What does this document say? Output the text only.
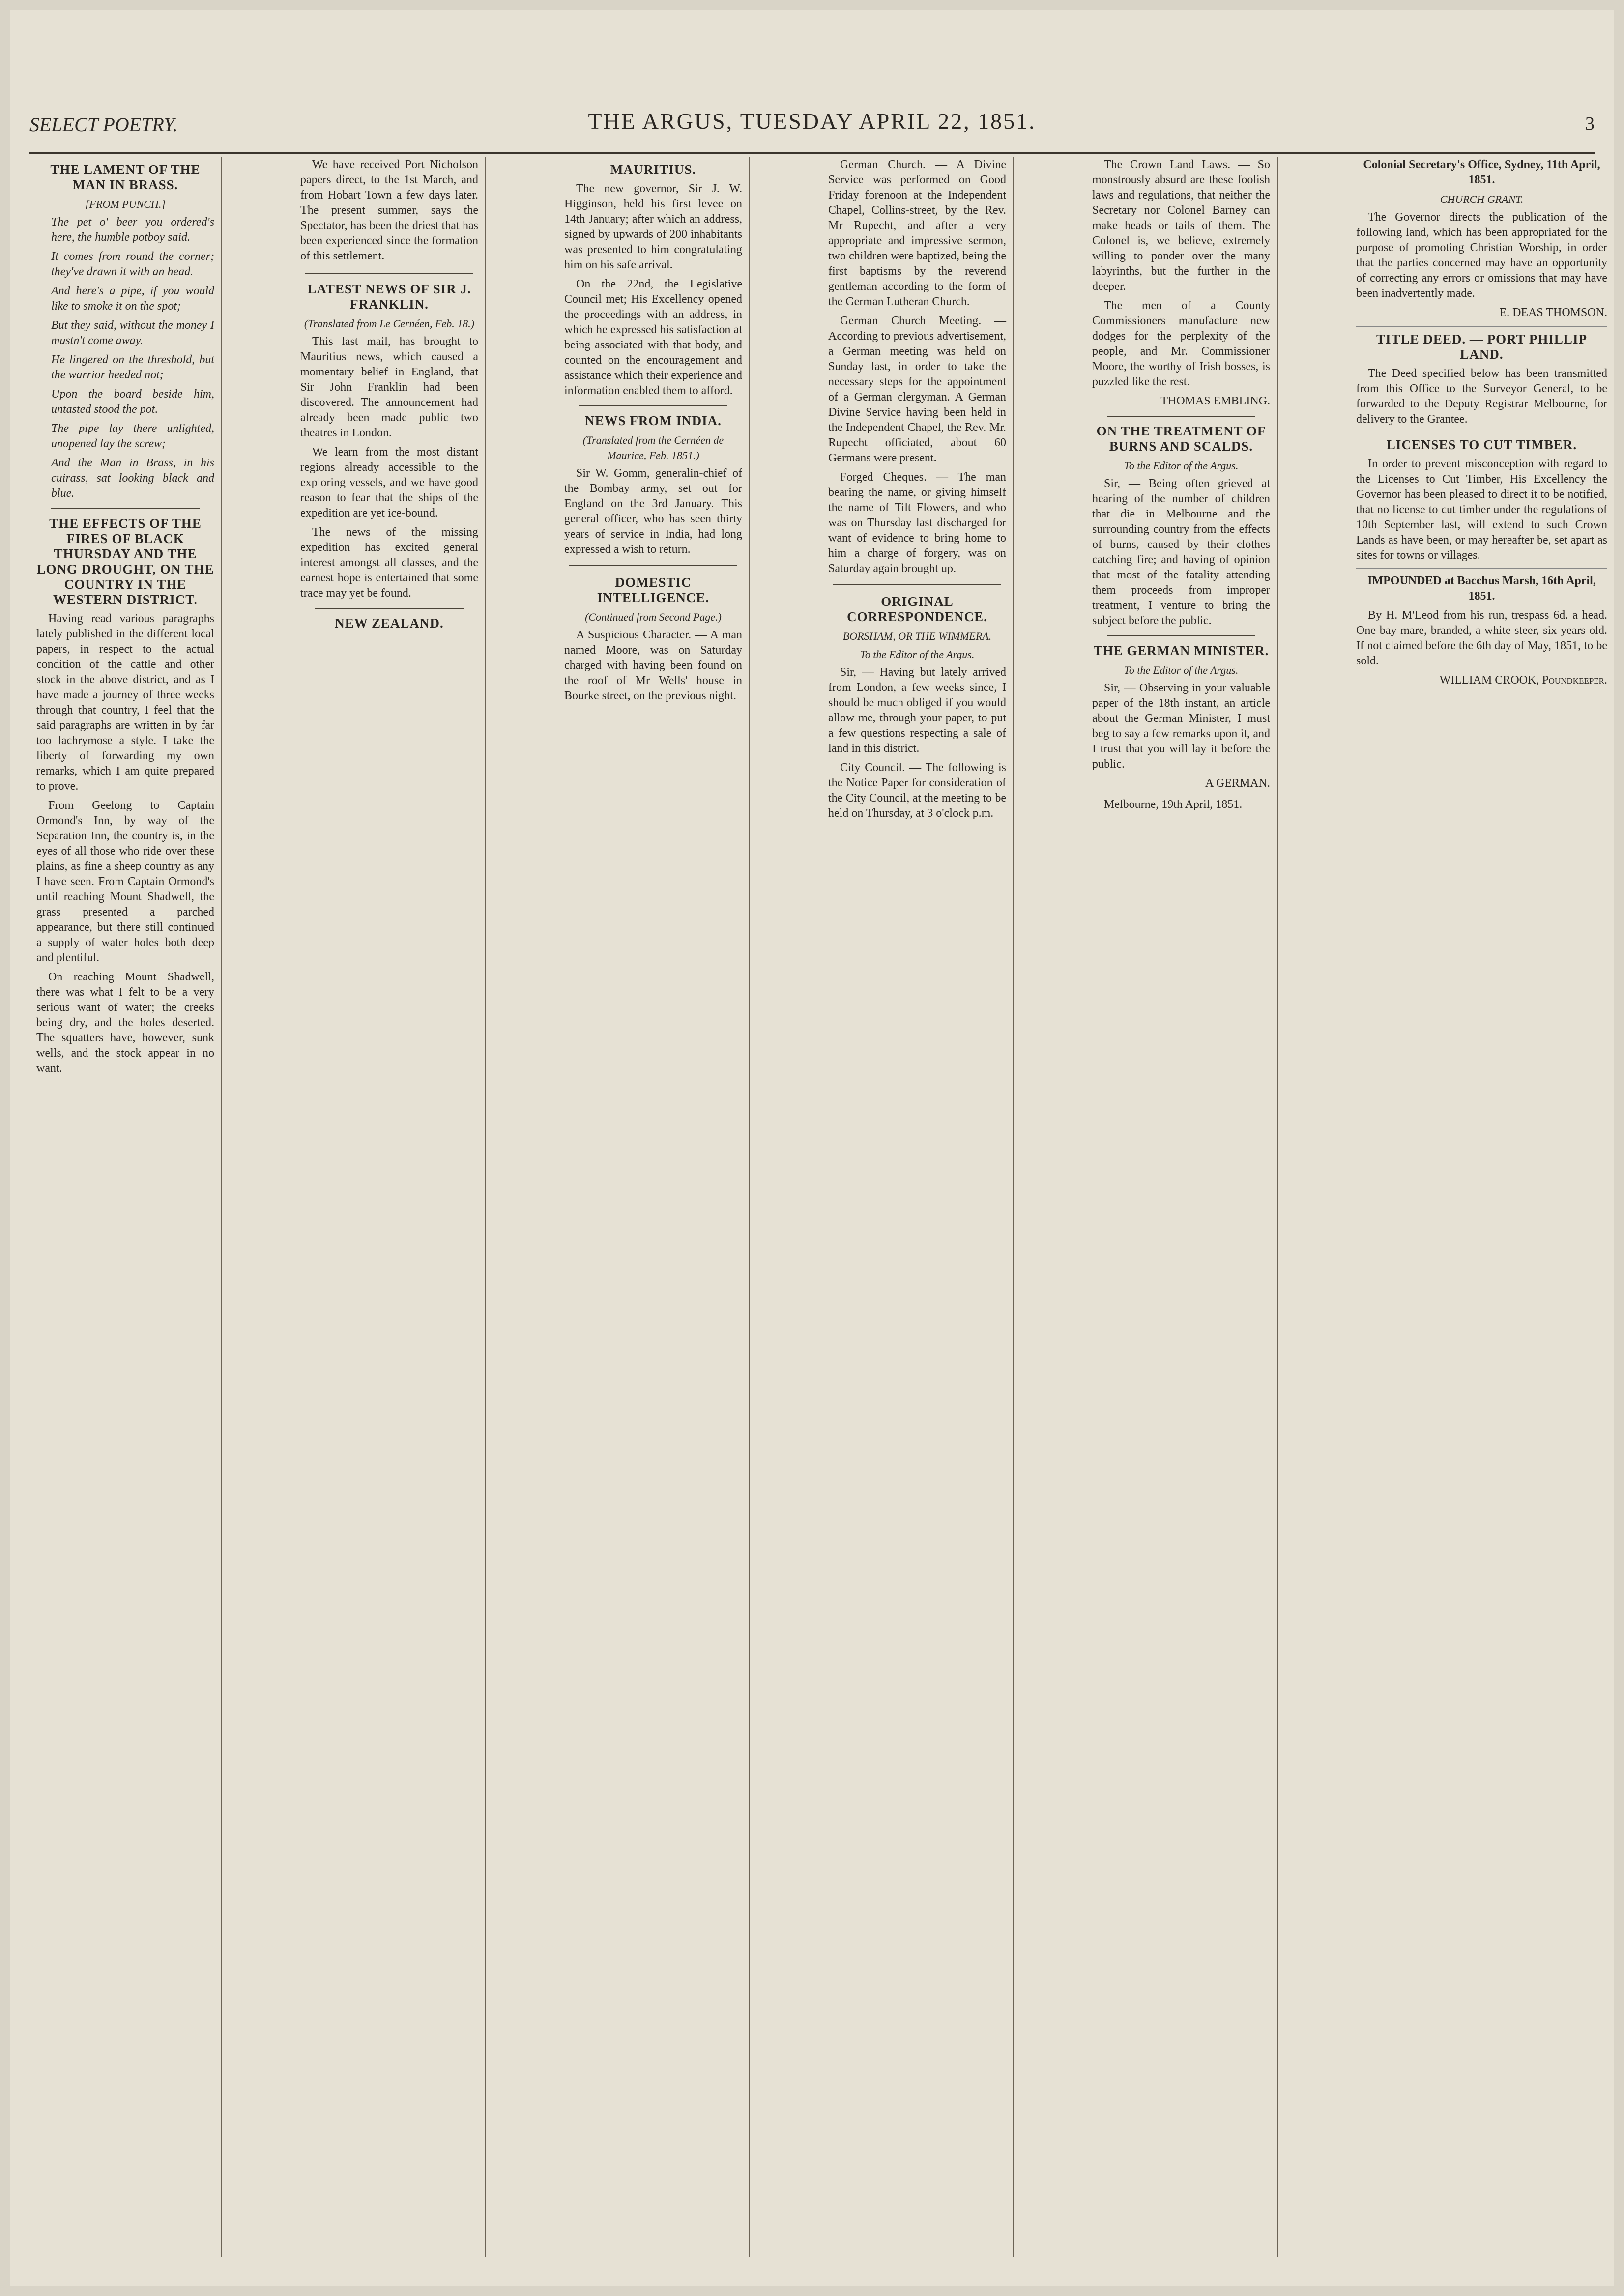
SELECT POETRY.	THE ARGUS, TUESDAY APRIL 22, 1851.	3
THE LAMENT OF THE MAN IN BRASS.
[FROM PUNCH.]

The pet o' beer you ordered's here, the humble potboy said.

It comes from round the corner; they've drawn it with an head.

And here's a pipe, if you would like to smoke it on the spot;

But they said, without the money I mustn't come away.

He lingered on the threshold, but the warrior heeded not;

Upon the board beside him, untasted stood the pot.

The pipe lay there unlighted, unopened lay the screw;

And the Man in Brass, in his cuirass, sat looking black and blue.

THE EFFECTS OF THE FIRES OF BLACK THURSDAY AND THE LONG DROUGHT, ON THE COUNTRY IN THE WESTERN DISTRICT.

Having read various paragraphs lately published in the different local papers, in respect to the actual condition of the cattle and other stock in the above district, and as I have made a journey of three weeks through that country, I feel that the said paragraphs are written in by far too lachrymose a style. I take the liberty of forwarding my own remarks, which I am quite prepared to prove.

From Geelong to Captain Ormond's Inn, by way of the Separation Inn, the country is, in the eyes of all those who ride over these plains, as fine a sheep country as any I have seen. From Captain Ormond's until reaching Mount Shadwell, the grass presented a parched appearance, but there still continued a supply of water holes both deep and plentiful.

On reaching Mount Shadwell, there was what I felt to be a very serious want of water; the creeks being dry, and the holes deserted. The squatters have, however, sunk wells, and the stock appear in no want.

We have received Port Nicholson papers direct, to the 1st March, and from Hobart Town a few days later. The present summer, says the Spectator, has been the driest that has been experienced since the formation of this settlement.

LATEST NEWS OF SIR J. FRANKLIN.
(Translated from Le Cernéen, Feb. 18.)

This last mail, has brought to Mauritius news, which caused a momentary belief in England, that Sir John Franklin had been discovered. The announcement had already been made public two theatres in London.

We learn from the most distant regions already accessible to the exploring vessels, and we have good reason to fear that the ships of the expedition are yet ice-bound.

The news of the missing expedition has excited general interest amongst all classes, and the earnest hope is entertained that some trace may yet be found.

NEW ZEALAND.
MAURITIUS.

The new governor, Sir J. W. Higginson, held his first levee on 14th January; after which an address, signed by upwards of 200 inhabitants was presented to him congratulating him on his safe arrival.

On the 22nd, the Legislative Council met; His Excellency opened the proceedings with an address, in which he expressed his satisfaction at being associated with that body, and counted on the encouragement and assistance which their experience and information enabled them to afford.

NEWS FROM INDIA.
(Translated from the Cernéen de Maurice, Feb. 1851.)

Sir W. Gomm, generalin-chief of the Bombay army, set out for England on the 3rd January. This general officer, who has seen thirty years of service in India, had long expressed a wish to return.

DOMESTIC INTELLIGENCE.
(Continued from Second Page.)

A Suspicious Character. — A man named Moore, was on Saturday charged with having been found on the roof of Mr Wells' house in Bourke street, on the previous night.

German Church. — A Divine Service was performed on Good Friday forenoon at the Independent Chapel, Collins-street, by the Rev. Mr Rupecht, and after a very appropriate and impressive sermon, two children were baptized, being the first baptisms by the reverend gentleman according to the form of the German Lutheran Church.

German Church Meeting. — According to previous advertisement, a German meeting was held on Sunday last, in order to take the necessary steps for the appointment of a German clergyman. A German Divine Service having been held in the Independent Chapel, the Rev. Mr. Rupecht officiated, about 60 Germans were present.

Forged Cheques. — The man bearing the name, or giving himself the name of Tilt Flowers, and who was on Thursday last discharged for want of evidence to bring home to him a charge of forgery, was on Saturday again brought up.

ORIGINAL CORRESPONDENCE.
BORSHAM, OR THE WIMMERA.
To the Editor of the Argus.

Sir, — Having but lately arrived from London, a few weeks since, I should be much obliged if you would allow me, through your paper, to put a few questions respecting a sale of land in this district.

City Council. — The following is the Notice Paper for consideration of the City Council, at the meeting to be held on Thursday, at 3 o'clock p.m.

The Crown Land Laws. — So monstrously absurd are these foolish laws and regulations, that neither the Secretary nor Colonel Barney can make heads or tails of them. The Colonel is, we believe, extremely willing to ponder over the many labyrinths, but the further in the deeper.

The men of a County Commissioners manufacture new dodges for the perplexity of the people, and Mr. Commissioner Moore, the worthy of Irish bosses, is puzzled like the rest.

THOMAS EMBLING.
ON THE TREATMENT OF BURNS AND SCALDS.
To the Editor of the Argus.

Sir, — Being often grieved at hearing of the number of children that die in Melbourne and the surrounding country from the effects of burns, caused by their clothes catching fire; and having of opinion that most of the fatality attending them proceeds from improper treatment, I venture to bring the subject before the public.

THE GERMAN MINISTER.
To the Editor of the Argus.

Sir, — Observing in your valuable paper of the 18th instant, an article about the German Minister, I must beg to say a few remarks upon it, and I trust that you will lay it before the public.

A GERMAN.

Melbourne, 19th April, 1851.

Colonial Secretary's Office, Sydney, 11th April, 1851.

CHURCH GRANT.

The Governor directs the publication of the following land, which has been appropriated for the purpose of promoting Christian Worship, in order that the parties concerned may have an opportunity of correcting any errors or omissions that may have been inadvertently made.

E. DEAS THOMSON.
TITLE DEED. — PORT PHILLIP LAND.

The Deed specified below has been transmitted from this Office to the Surveyor General, to be forwarded to the Deputy Registrar Melbourne, for delivery to the Grantee.

LICENSES TO CUT TIMBER.

In order to prevent misconception with regard to the Licenses to Cut Timber, His Excellency the Governor has been pleased to direct it to be notified, that no license to cut timber under the regulations of 10th September last, will extend to such Crown Lands as have been, or may hereafter be, set apart as sites for towns or villages.

IMPOUNDED at Bacchus Marsh, 16th April, 1851.

By H. M'Leod from his run, trespass 6d. a head. One bay mare, branded, a white steer, six years old. If not claimed before the 6th day of May, 1851, to be sold.

WILLIAM CROOK, Poundkeeper.
